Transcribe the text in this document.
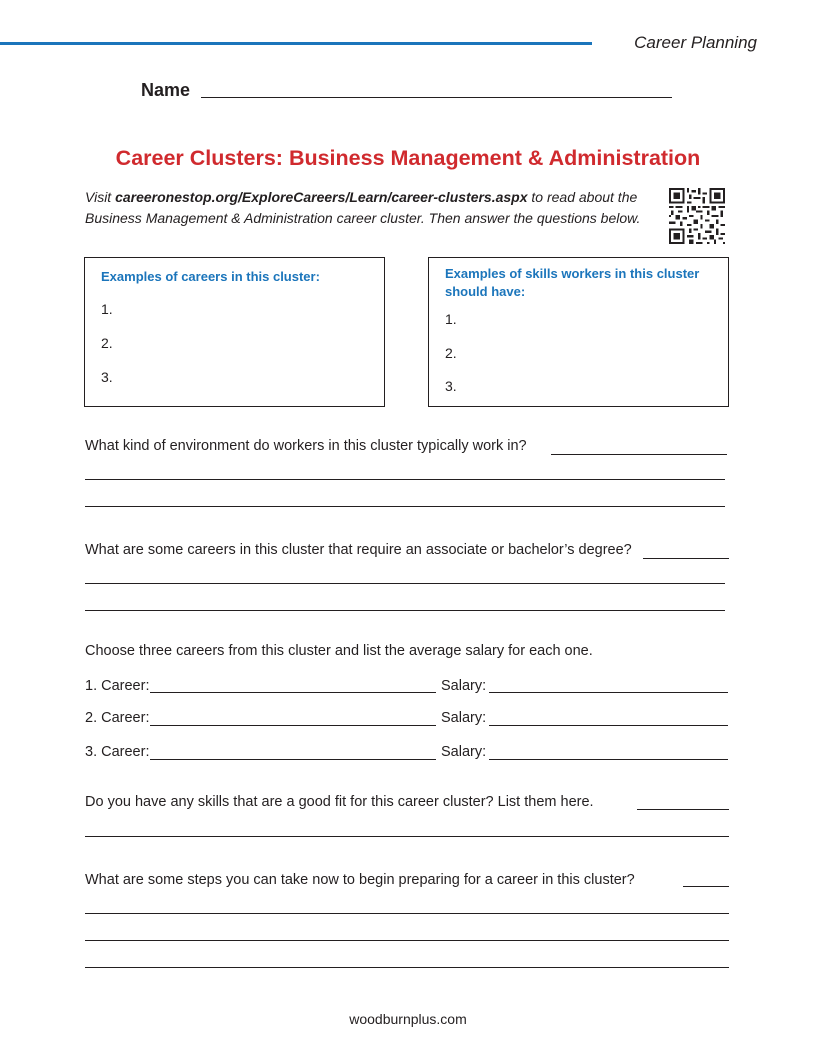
Career Planning
Name
Career Clusters: Business Management & Administration
Visit careeronestop.org/ExploreCareers/Learn/career-clusters.aspx to read about the Business Management & Administration career cluster. Then answer the questions below.
Examples of careers in this cluster:
1.
2.
3.
Examples of skills workers in this cluster should have:
1.
2.
3.
What kind of environment do workers in this cluster typically work in?
What are some careers in this cluster that require an associate or bachelor’s degree?
Choose three careers from this cluster and list the average salary for each one.
1. Career:	Salary:
2. Career:	Salary:
3. Career:	Salary:
Do you have any skills that are a good fit for this career cluster? List them here.
What are some steps you can take now to begin preparing for a career in this cluster?
woodburnplus.com
